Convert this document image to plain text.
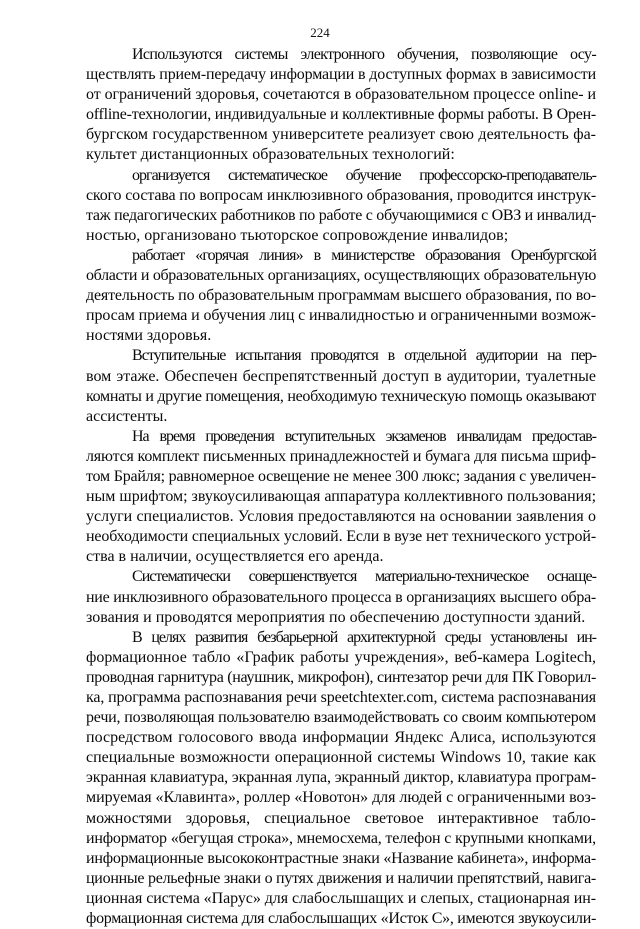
224
Используются системы электронного обучения, позволяющие осу-
ществлять прием-передачу информации в доступных формах в зависимости
от ограничений здоровья, сочетаются в образовательном процессе online- и
offline-технологии, индивидуальные и коллективные формы работы. В Орен-
бургском государственном университете реализует свою деятельность фа-
культет дистанционных образовательных технологий:
организуется систематическое обучение профессорско-преподаватель-
ского состава по вопросам инклюзивного образования, проводится инструк-
таж педагогических работников по работе с обучающимися с ОВЗ и инвалид-
ностью, организовано тьюторское сопровождение инвалидов;
работает «горячая линия» в министерстве образования Оренбургской
области и образовательных организациях, осуществляющих образовательную
деятельность по образовательным программам высшего образования, по во-
просам приема и обучения лиц с инвалидностью и ограниченными возмож-
ностями здоровья.
Вступительные испытания проводятся в отдельной аудитории на пер-
вом этаже. Обеспечен беспрепятственный доступ в аудитории, туалетные
комнаты и другие помещения, необходимую техническую помощь оказывают
ассистенты.
На время проведения вступительных экзаменов инвалидам предостав-
ляются комплект письменных принадлежностей и бумага для письма шриф-
том Брайля; равномерное освещение не менее 300 люкс; задания с увеличен-
ным шрифтом; звукоусиливающая аппаратура коллективного пользования;
услуги специалистов. Условия предоставляются на основании заявления о
необходимости специальных условий. Если в вузе нет технического устрой-
ства в наличии, осуществляется его аренда.
Систематически совершенствуется материально-техническое оснаще-
ние инклюзивного образовательного процесса в организациях высшего обра-
зования и проводятся мероприятия по обеспечению доступности зданий.
В целях развития безбарьерной архитектурной среды установлены ин-
формационное табло «График работы учреждения», веб-камера Logitech,
проводная гарнитура (наушник, микрофон), синтезатор речи для ПК Говорил-
ка, программа распознавания речи speetchtexter.com, система распознавания
речи, позволяющая пользователю взаимодействовать со своим компьютером
посредством голосового ввода информации Яндекс Алиса, используются
специальные возможности операционной системы Windows 10, такие как
экранная клавиатура, экранная лупа, экранный диктор, клавиатура програм-
мируемая «Клавинта», роллер «Новотон» для людей с ограниченными воз-
можностями здоровья, специальное световое интерактивное табло-
информатор «бегущая строка», мнемосхема, телефон с крупными кнопками,
информационные высококонтрастные знаки «Название кабинета», информа-
ционные рельефные знаки о путях движения и наличии препятствий, навига-
ционная система «Парус» для слабослышащих и слепых, стационарная ин-
формационная система для слабослышащих «Исток С», имеются звукоусили-
